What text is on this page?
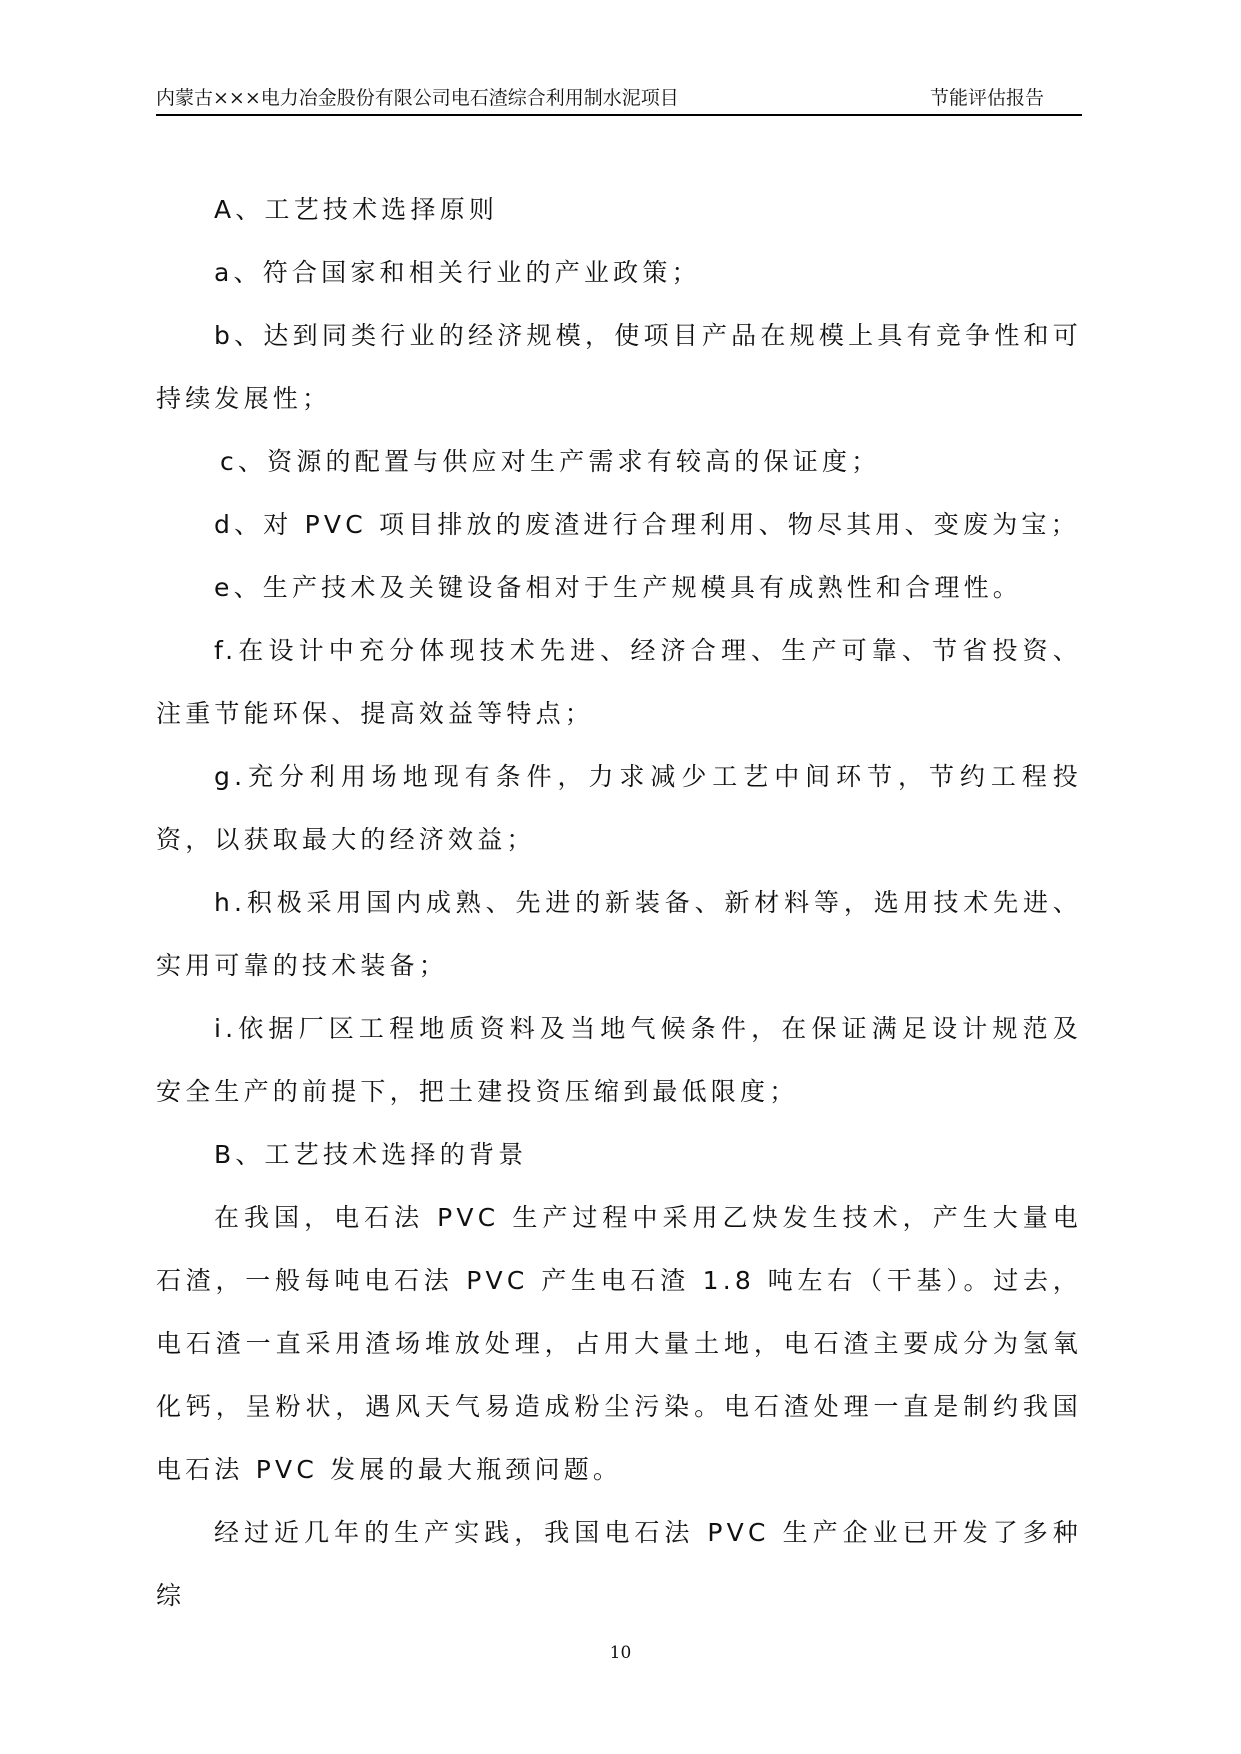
内蒙古×××电力冶金股份有限公司电石渣综合利用制水泥项目	节能评估报告

A、工艺技术选择原则

a、符合国家和相关行业的产业政策；

b、达到同类行业的经济规模，使项目产品在规模上具有竞争性和可持续发展性；

c、资源的配置与供应对生产需求有较高的保证度；

d、对 PVC 项目排放的废渣进行合理利用、物尽其用、变废为宝；

e、生产技术及关键设备相对于生产规模具有成熟性和合理性。

f.在设计中充分体现技术先进、经济合理、生产可靠、节省投资、注重节能环保、提高效益等特点；

g.充分利用场地现有条件，力求减少工艺中间环节，节约工程投资，以获取最大的经济效益；

h.积极采用国内成熟、先进的新装备、新材料等，选用技术先进、实用可靠的技术装备；

i.依据厂区工程地质资料及当地气候条件，在保证满足设计规范及安全生产的前提下，把土建投资压缩到最低限度；

B、工艺技术选择的背景

在我国，电石法 PVC 生产过程中采用乙炔发生技术，产生大量电石渣，一般每吨电石法 PVC 产生电石渣 1.8 吨左右（干基）。过去，电石渣一直采用渣场堆放处理，占用大量土地，电石渣主要成分为氢氧化钙，呈粉状，遇风天气易造成粉尘污染。电石渣处理一直是制约我国电石法 PVC 发展的最大瓶颈问题。

经过近几年的生产实践，我国电石法 PVC 生产企业已开发了多种综

10
